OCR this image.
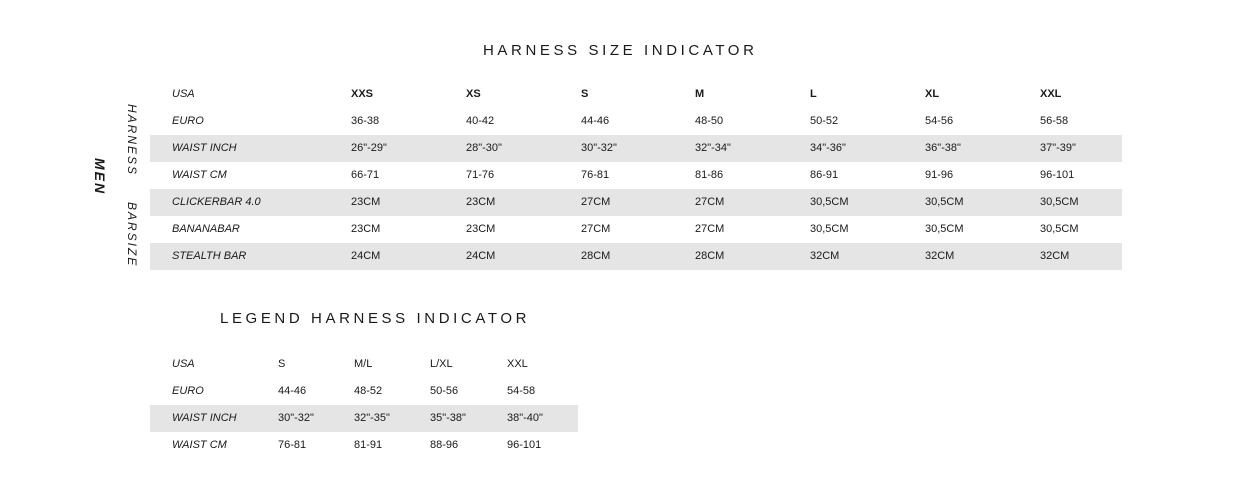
HARNESS SIZE INDICATOR
MEN
HARNESS
BARSIZE
USA	XXS	XS	S	M	L	XL	XXL
EURO	36-38	40-42	44-46	48-50	50-52	54-56	56-58
WAIST INCH	26"-29"	28"-30"	30"-32"	32"-34"	34"-36"	36"-38"	37"-39"
WAIST CM	66-71	71-76	76-81	81-86	86-91	91-96	96-101
CLICKERBAR 4.0	23CM	23CM	27CM	27CM	30,5CM	30,5CM	30,5CM
BANANABAR	23CM	23CM	27CM	27CM	30,5CM	30,5CM	30,5CM
STEALTH BAR	24CM	24CM	28CM	28CM	32CM	32CM	32CM
LEGEND HARNESS INDICATOR
USA	S	M/L	L/XL	XXL
EURO	44-46	48-52	50-56	54-58
WAIST INCH	30"-32"	32"-35"	35"-38"	38"-40"
WAIST CM	76-81	81-91	88-96	96-101
